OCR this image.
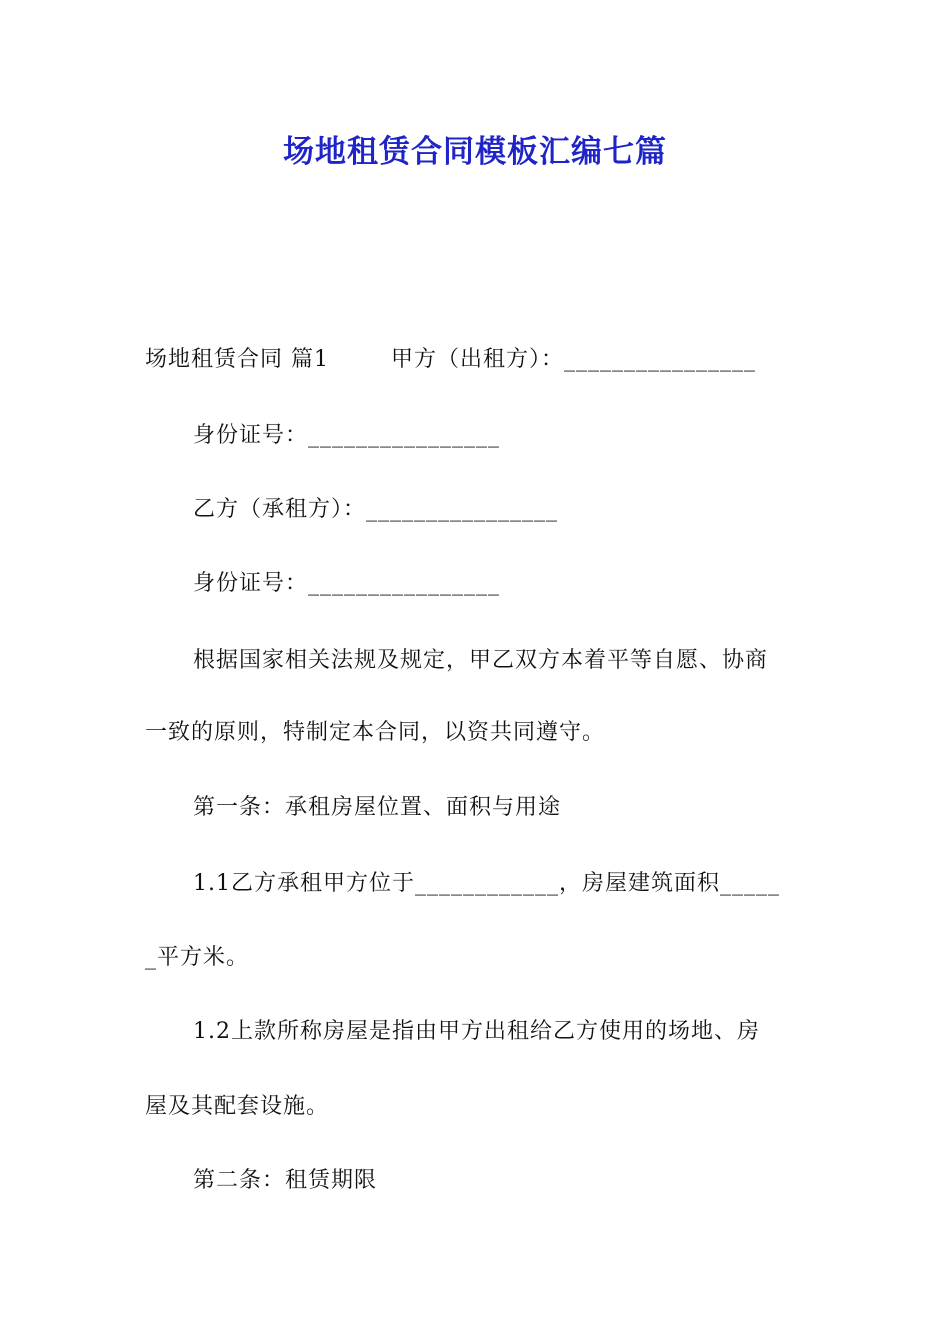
场地租赁合同模板汇编七篇
场地租赁合同 篇1 　 　甲方（出租方）：________________
身份证号：________________
乙方（承租方）：________________
身份证号：________________
根据国家相关法规及规定，甲乙双方本着平等自愿、协商
一致的原则，特制定本合同，以资共同遵守。
第一条：承租房屋位置、面积与用途
1.1乙方承租甲方位于____________，房屋建筑面积_____
_平方米。
1.2上款所称房屋是指由甲方出租给乙方使用的场地、房
屋及其配套设施。
第二条：租赁期限
